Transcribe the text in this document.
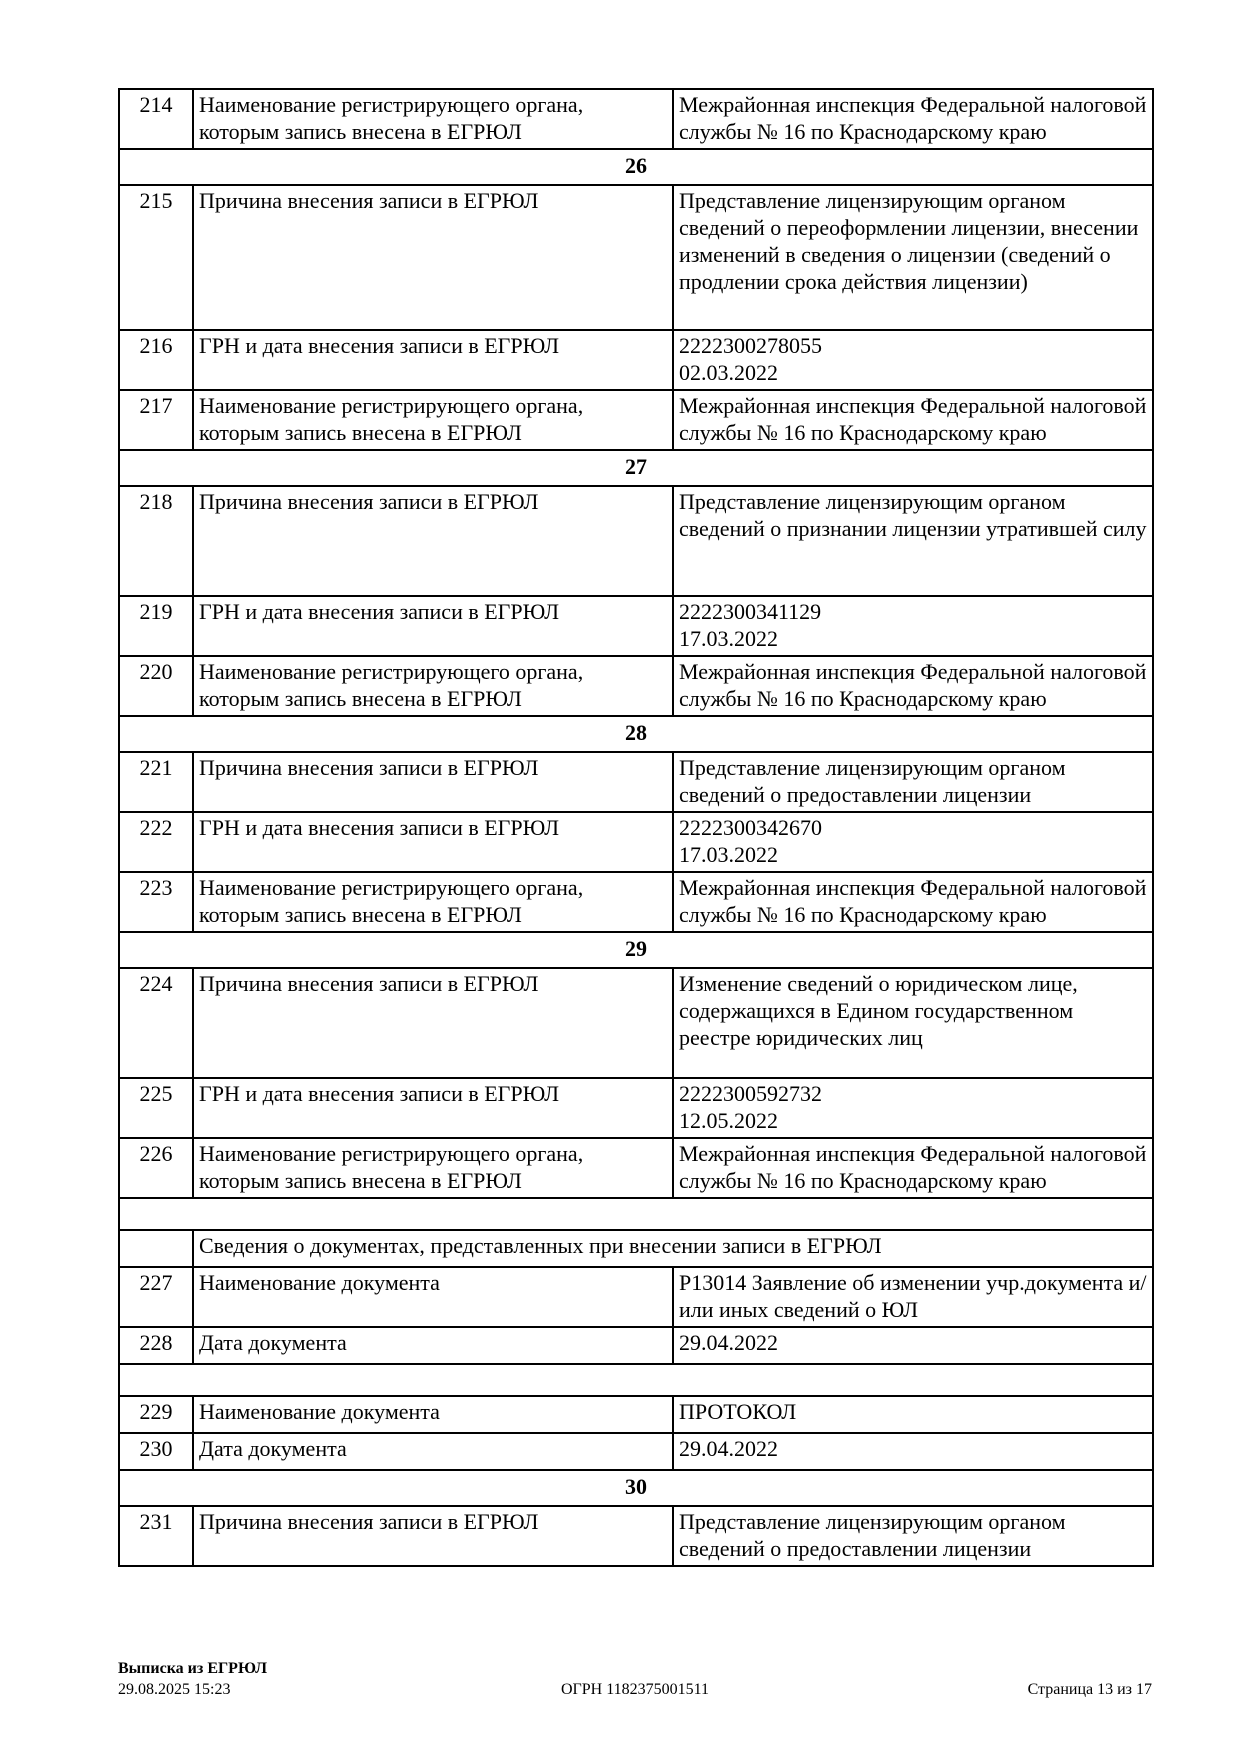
214	Наименование регистрирующего органа, которым запись внесена в ЕГРЮЛ	Межрайонная инспекция Федеральной налоговой службы № 16 по Краснодарскому краю
26		
215	Причина внесения записи в ЕГРЮЛ	Представление лицензирующим органом сведений о переоформлении лицензии, внесении изменений в сведения о лицензии (сведений о продлении срока действия лицензии)
216	ГРН и дата внесения записи в ЕГРЮЛ	2222300278055
02.03.2022
217	Наименование регистрирующего органа, которым запись внесена в ЕГРЮЛ	Межрайонная инспекция Федеральной налоговой службы № 16 по Краснодарскому краю
27		
218	Причина внесения записи в ЕГРЮЛ	Представление лицензирующим органом сведений о признании лицензии утратившей силу
219	ГРН и дата внесения записи в ЕГРЮЛ	2222300341129
17.03.2022
220	Наименование регистрирующего органа, которым запись внесена в ЕГРЮЛ	Межрайонная инспекция Федеральной налоговой службы № 16 по Краснодарскому краю
28		
221	Причина внесения записи в ЕГРЮЛ	Представление лицензирующим органом сведений о предоставлении лицензии
222	ГРН и дата внесения записи в ЕГРЮЛ	2222300342670
17.03.2022
223	Наименование регистрирующего органа, которым запись внесена в ЕГРЮЛ	Межрайонная инспекция Федеральной налоговой службы № 16 по Краснодарскому краю
29		
224	Причина внесения записи в ЕГРЮЛ	Изменение сведений о юридическом лице, содержащихся в Едином государственном реестре юридических лиц
225	ГРН и дата внесения записи в ЕГРЮЛ	2222300592732
12.05.2022
226	Наименование регистрирующего органа, которым запись внесена в ЕГРЮЛ	Межрайонная инспекция Федеральной налоговой службы № 16 по Краснодарскому краю

	Сведения о документах, представленных при внесении записи в ЕГРЮЛ	
227	Наименование документа	Р13014 Заявление об изменении учр.документа и/или иных сведений о ЮЛ
228	Дата документа	29.04.2022

229	Наименование документа	ПРОТОКОЛ
230	Дата документа	29.04.2022
30		
231	Причина внесения записи в ЕГРЮЛ	Представление лицензирующим органом сведений о предоставлении лицензии
Выписка из ЕГРЮЛ
29.08.2025 15:23	ОГРН 1182375001511	Страница 13 из 17
